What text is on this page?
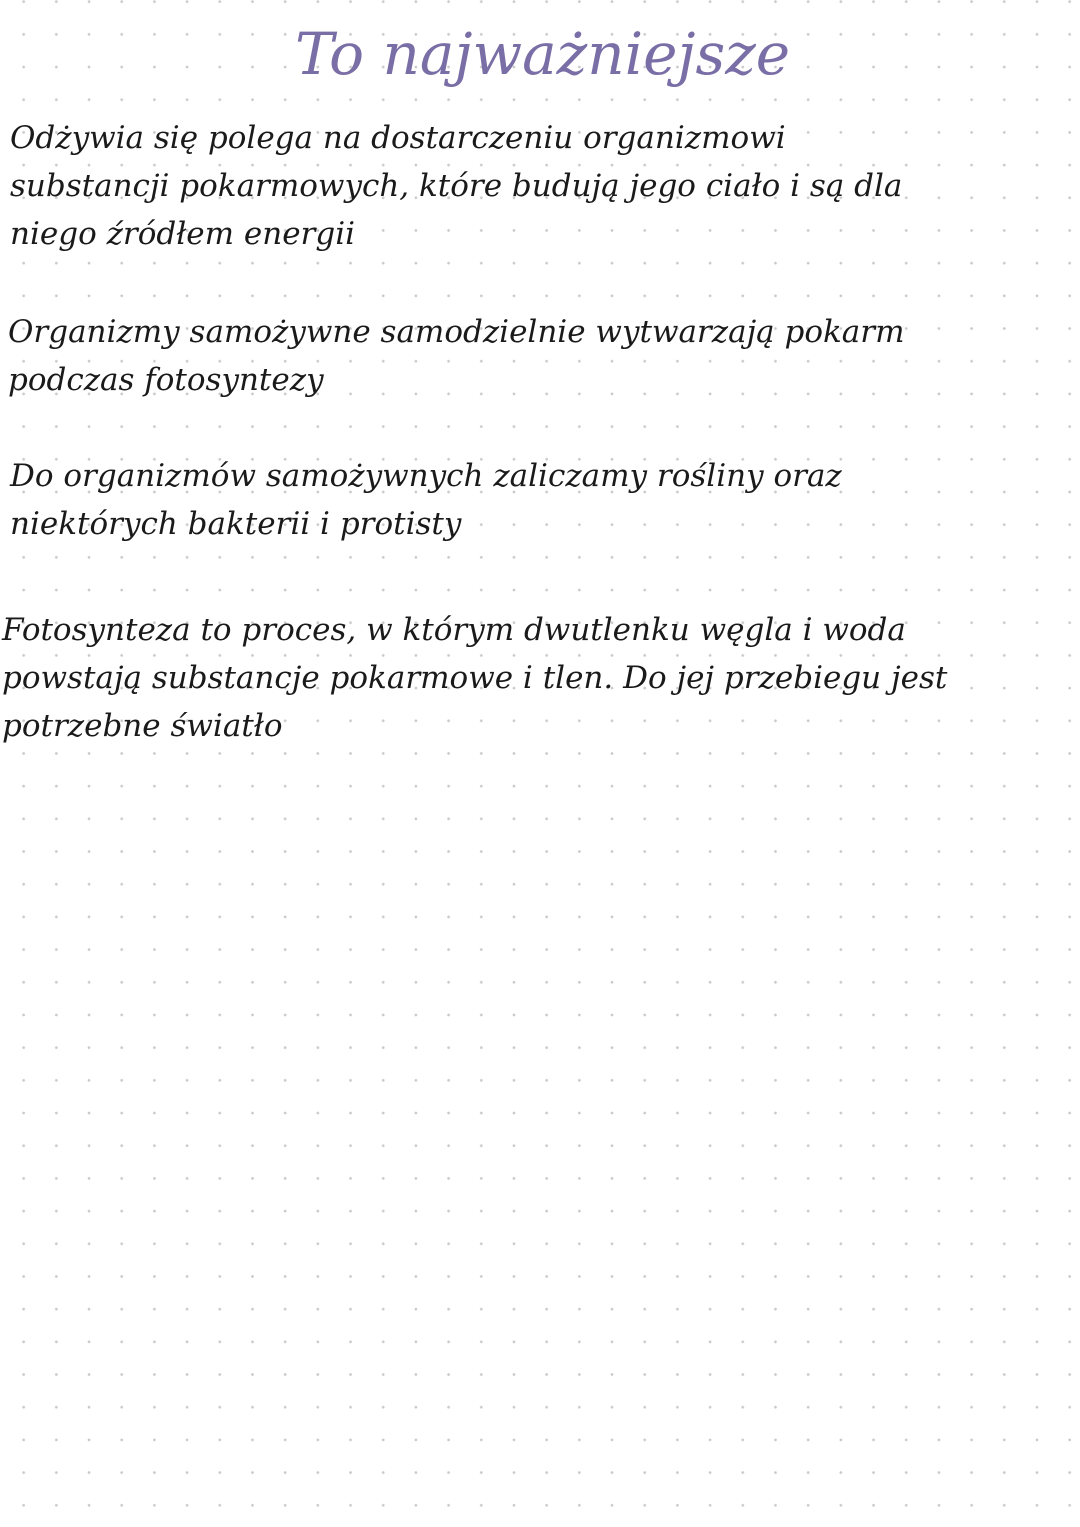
To najważniejsze

Odżywia się polega na dostarczeniu organizmowi
substancji pokarmowych, które budują jego ciało i są dla
niego źródłem energii

Organizmy samożywne samodzielnie wytwarzają pokarm
podczas fotosyntezy

Do organizmów samożywnych zaliczamy rośliny oraz
niektórych bakterii i protisty

Fotosynteza to proces, w którym dwutlenku węgla i woda
powstają substancje pokarmowe i tlen. Do jej przebiegu jest
potrzebne światło
